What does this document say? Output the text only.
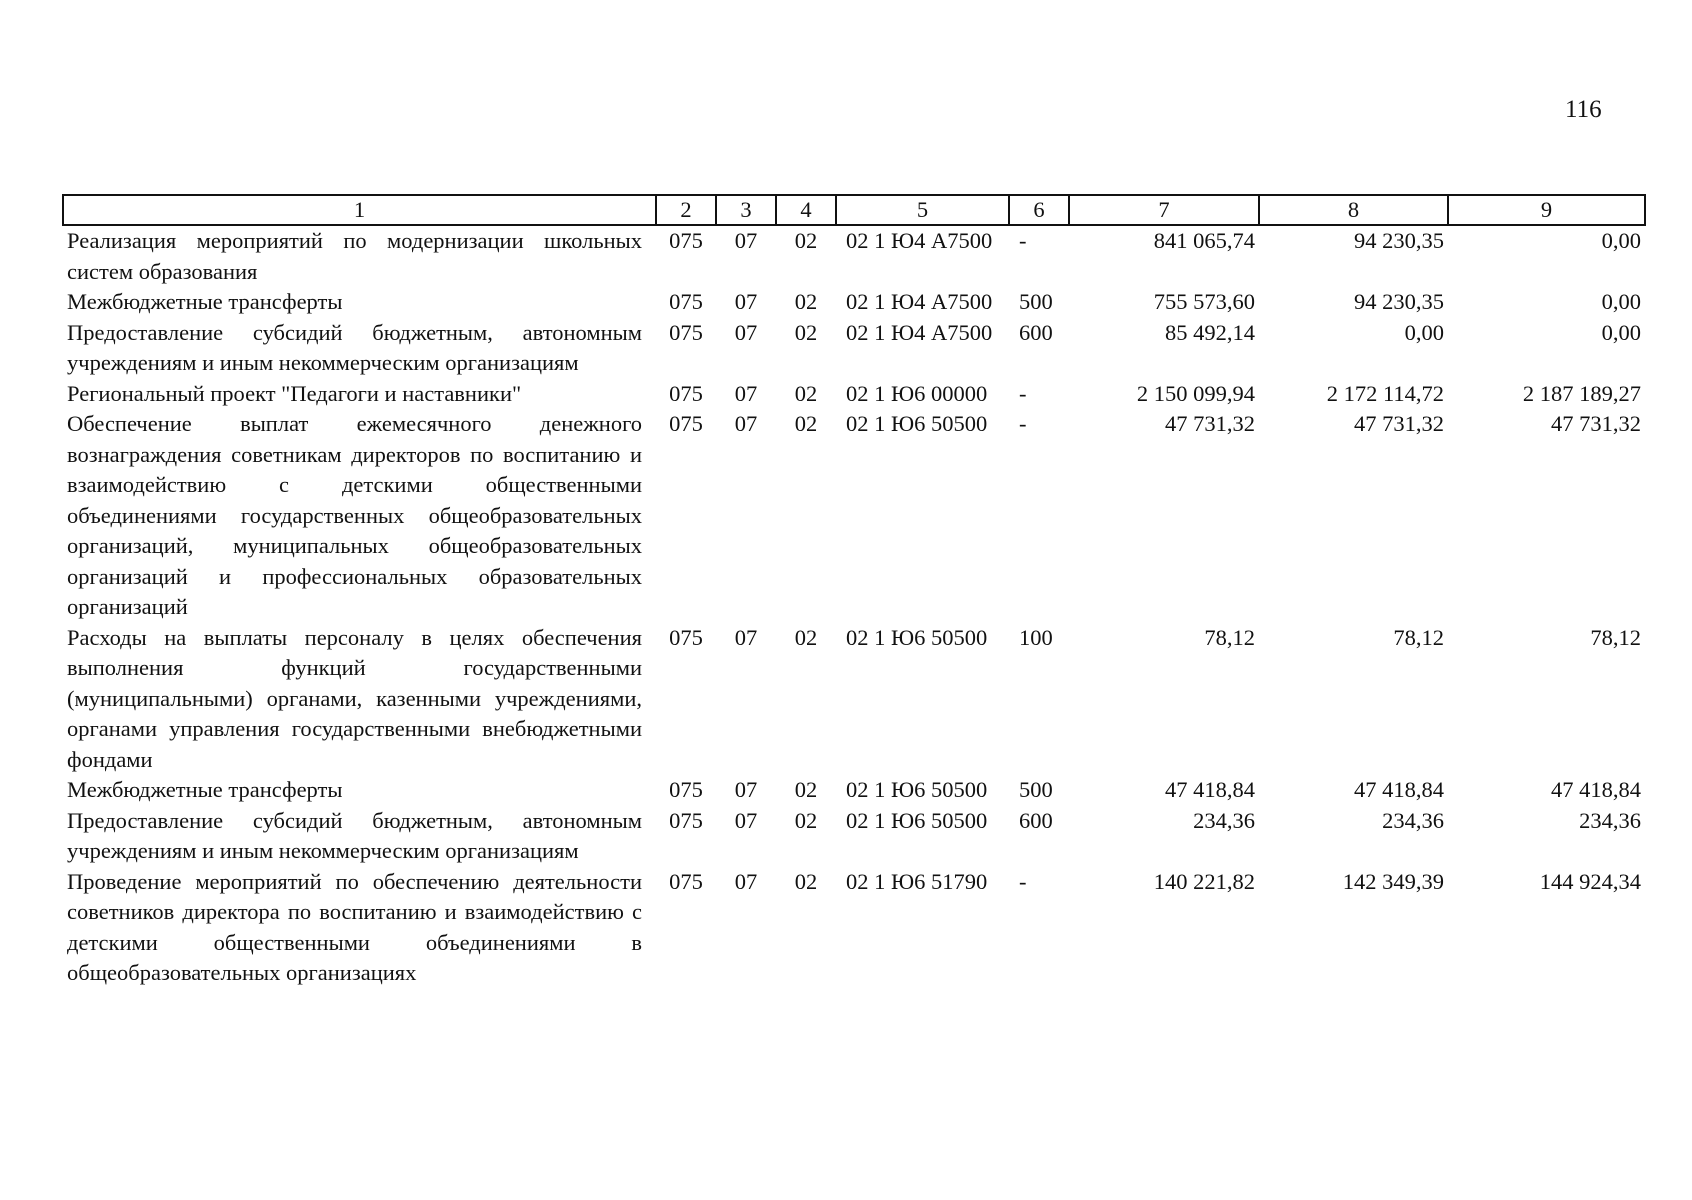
116
1	2	3	4	5	6	7	8	9
Реализация мероприятий по модернизации школьных систем образования	075	07	02	02 1 Ю4 А7500	-	841 065,74	94 230,35	0,00
Межбюджетные трансферты	075	07	02	02 1 Ю4 А7500	500	755 573,60	94 230,35	0,00
Предоставление субсидий бюджетным, автономным учреждениям и иным некоммерческим организациям	075	07	02	02 1 Ю4 А7500	600	85 492,14	0,00	0,00
Региональный проект "Педагоги и наставники"	075	07	02	02 1 Ю6 00000	-	2 150 099,94	2 172 114,72	2 187 189,27
Обеспечение выплат ежемесячного денежного вознаграждения советникам директоров по воспитанию и взаимодействию с детскими общественными объединениями государственных общеобразовательных организаций, муниципальных общеобразовательных организаций и профессиональных образовательных организаций	075	07	02	02 1 Ю6 50500	-	47 731,32	47 731,32	47 731,32
Расходы на выплаты персоналу в целях обеспечения выполнения функций государственными (муниципальными) органами, казенными учреждениями, органами управления государственными внебюджетными фондами	075	07	02	02 1 Ю6 50500	100	78,12	78,12	78,12
Межбюджетные трансферты	075	07	02	02 1 Ю6 50500	500	47 418,84	47 418,84	47 418,84
Предоставление субсидий бюджетным, автономным учреждениям и иным некоммерческим организациям	075	07	02	02 1 Ю6 50500	600	234,36	234,36	234,36
Проведение мероприятий по обеспечению деятельности советников директора по воспитанию и взаимодействию с детскими общественными объединениями в общеобразовательных организациях	075	07	02	02 1 Ю6 51790	-	140 221,82	142 349,39	144 924,34
